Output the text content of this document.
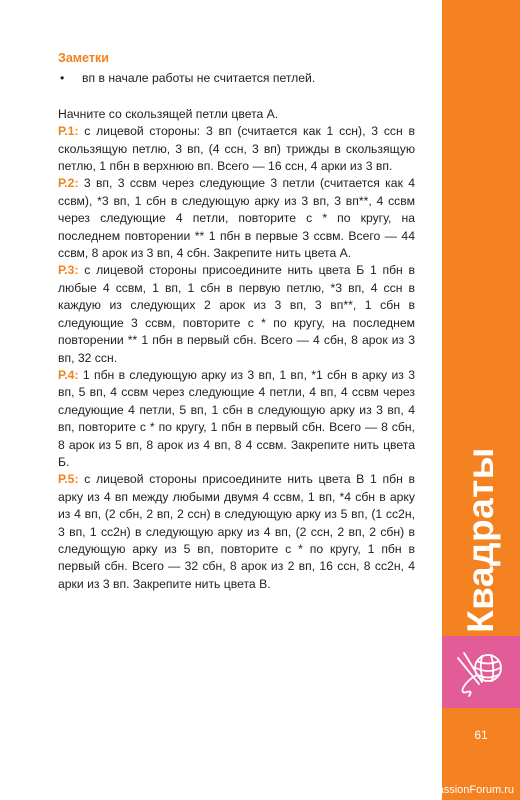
Заметки
•	вп в начале работы не считается петлей.

Начните со скользящей петли цвета А.

Р.1: с лицевой стороны: 3 вп (считается как 1 ссн), 3 ссн в скользящую петлю, 3 вп, (4 ссн, 3 вп) трижды в скользящую петлю, 1 пбн в верхнюю вп. Всего — 16 ссн, 4 арки из 3 вп.

Р.2: 3 вп, 3 ссвм через следующие 3 петли (считается как 4 ссвм), *3 вп, 1 сбн в следующую арку из 3 вп, 3 вп**, 4 ссвм через следующие 4 петли, повторите с * по кругу, на последнем повторении ** 1 пбн в первые 3 ссвм. Всего — 44 ссвм, 8 арок из 3 вп, 4 сбн. Закрепите нить цвета А.

Р.3: с лицевой стороны присоедините нить цвета Б 1 пбн в любые 4 ссвм, 1 вп, 1 сбн в первую петлю, *3 вп, 4 ссн в каждую из следующих 2 арок из 3 вп, 3 вп**, 1 сбн в следующие 3 ссвм, повторите с * по кругу, на последнем повторении ** 1 пбн в первый сбн. Всего — 4 сбн, 8 арок из 3 вп, 32 ссн.

Р.4: 1 пбн в следующую арку из 3 вп, 1 вп, *1 сбн в арку из 3 вп, 5 вп, 4 ссвм через следующие 4 петли, 4 вп, 4 ссвм через следующие 4 петли, 5 вп, 1 сбн в следующую арку из 3 вп, 4 вп, повторите с * по кругу, 1 пбн в первый сбн. Всего — 8 сбн, 8 арок из 5 вп, 8 арок из 4 вп, 8 4 ссвм. Закрепите нить цвета Б.

Р.5: с лицевой стороны присоедините нить цвета В 1 пбн в арку из 4 вп между любыми двумя 4 ссвм, 1 вп, *4 сбн в арку из 4 вп, (2 сбн, 2 вп, 2 ссн) в следующую арку из 5 вп, (1 сс2н, 3 вп, 1 сс2н) в следующую арку из 4 вп, (2 ссн, 2 вп, 2 сбн) в следующую арку из 5 вп, повторите с * по кругу, 1 пбн в первый сбн. Всего — 32 сбн, 8 арок из 2 вп, 16 ссн, 8 сс2н, 4 арки из 3 вп. Закрепите нить цвета В.	Квадраты
61
PassionForum.ru
